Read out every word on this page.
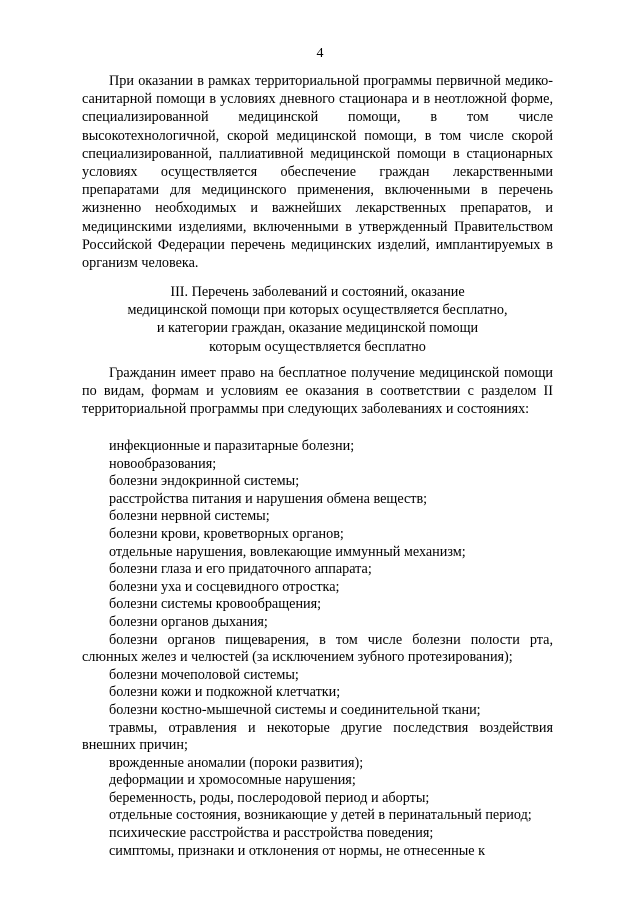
4

При оказании в рамках территориальной программы первичной медико-санитарной помощи в условиях дневного стационара и в неотложной форме, специализированной медицинской помощи, в том числе высокотехнологичной, скорой медицинской помощи, в том числе скорой специализированной, паллиативной медицинской помощи в стационарных условиях осуществляется обеспечение граждан лекарственными препаратами для медицинского применения, включенными в перечень жизненно необходимых и важнейших лекарственных препаратов, и медицинскими изделиями, включенными в утвержденный Правительством Российской Федерации перечень медицинских изделий, имплантируемых в организм человека.

III. Перечень заболеваний и состояний, оказание
медицинской помощи при которых осуществляется бесплатно,
и категории граждан, оказание медицинской помощи
которым осуществляется бесплатно

Гражданин имеет право на бесплатное получение медицинской помощи по видам, формам и условиям ее оказания в соответствии с разделом II территориальной программы при следующих заболеваниях и состояниях:

инфекционные и паразитарные болезни;
новообразования;
болезни эндокринной системы;
расстройства питания и нарушения обмена веществ;
болезни нервной системы;
болезни крови, кроветворных органов;
отдельные нарушения, вовлекающие иммунный механизм;
болезни глаза и его придаточного аппарата;
болезни уха и сосцевидного отростка;
болезни системы кровообращения;
болезни органов дыхания;
болезни органов пищеварения, в том числе болезни полости рта, слюнных желез и челюстей (за исключением зубного протезирования);
болезни мочеполовой системы;
болезни кожи и подкожной клетчатки;
болезни костно-мышечной системы и соединительной ткани;
травмы, отравления и некоторые другие последствия воздействия внешних причин;
врожденные аномалии (пороки развития);
деформации и хромосомные нарушения;
беременность, роды, послеродовой период и аборты;
отдельные состояния, возникающие у детей в перинатальный период;
психические расстройства и расстройства поведения;
симптомы, признаки и отклонения от нормы, не отнесенные к
